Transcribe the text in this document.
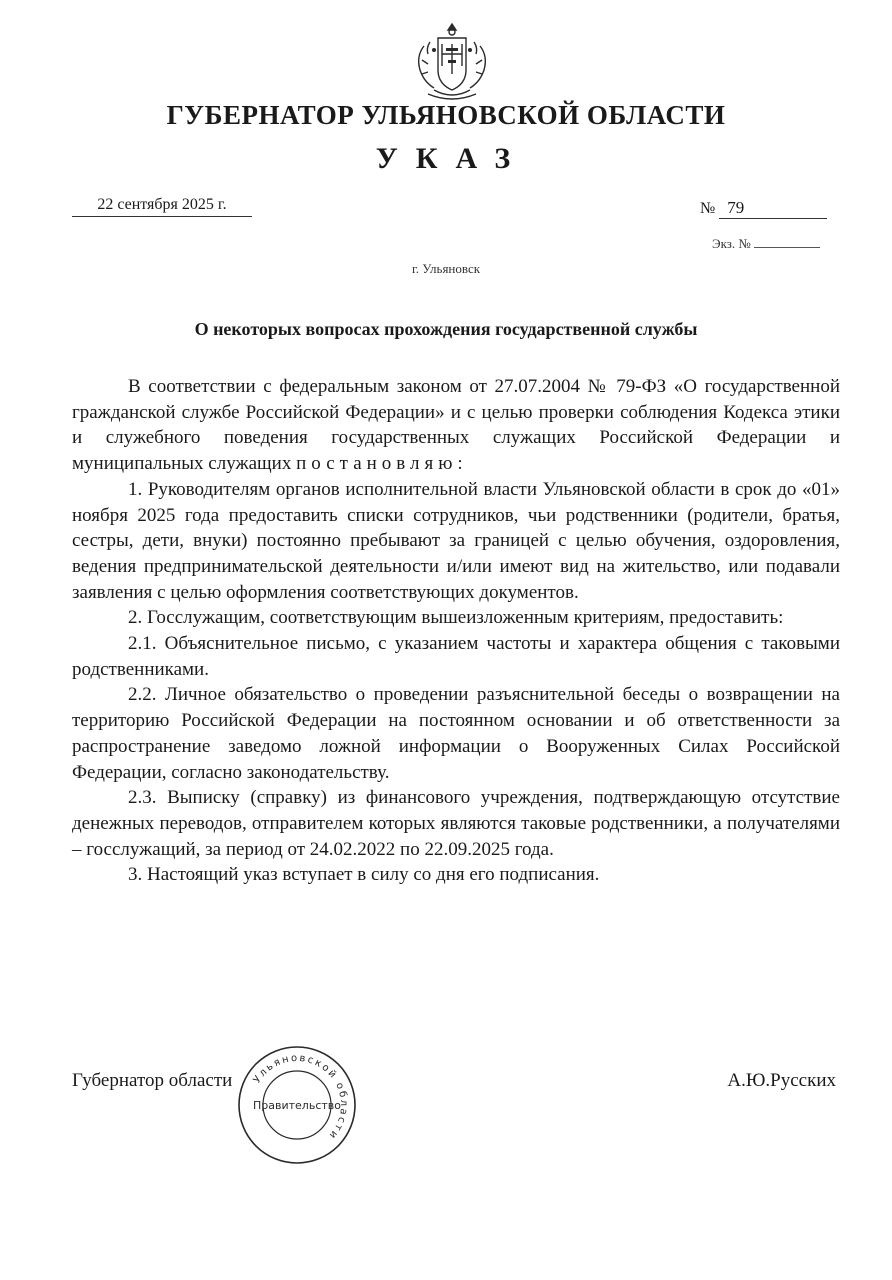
ГУБЕРНАТОР УЛЬЯНОВСКОЙ ОБЛАСТИ
УКАЗ
22 сентября 2025 г.	№ 79
Экз. №
г. Ульяновск
О некоторых вопросах прохождения государственной службы

В соответствии с федеральным законом от 27.07.2004 № 79-ФЗ «О государственной гражданской службе Российской Федерации» и с целью проверки соблюдения Кодекса этики и служебного поведения государственных служащих Российской Федерации и муниципальных служащих постановляю:

1. Руководителям органов исполнительной власти Ульяновской области в срок до «01» ноября 2025 года предоставить списки сотрудников, чьи родственники (родители, братья, сестры, дети, внуки) постоянно пребывают за границей с целью обучения, оздоровления, ведения предпринимательской деятельности и/или имеют вид на жительство, или подавали заявления с целью оформления соответствующих документов.

2. Госслужащим, соответствующим вышеизложенным критериям, предоставить:

2.1. Объяснительное письмо, с указанием частоты и характера общения с таковыми родственниками.

2.2. Личное обязательство о проведении разъяснительной беседы о возвращении на территорию Российской Федерации на постоянном основании и об ответственности за распространение заведомо ложной информации о Вооруженных Силах Российской Федерации, согласно законодательству.

2.3. Выписку (справку) из финансового учреждения, подтверждающую отсутствие денежных переводов, отправителем которых являются таковые родственники, а получателями – госслужащий, за период от 24.02.2022 по 22.09.2025 года.

3. Настоящий указ вступает в силу со дня его подписания.

Губернатор области	А.Ю.Русских
Ульяновской области
Правительство
